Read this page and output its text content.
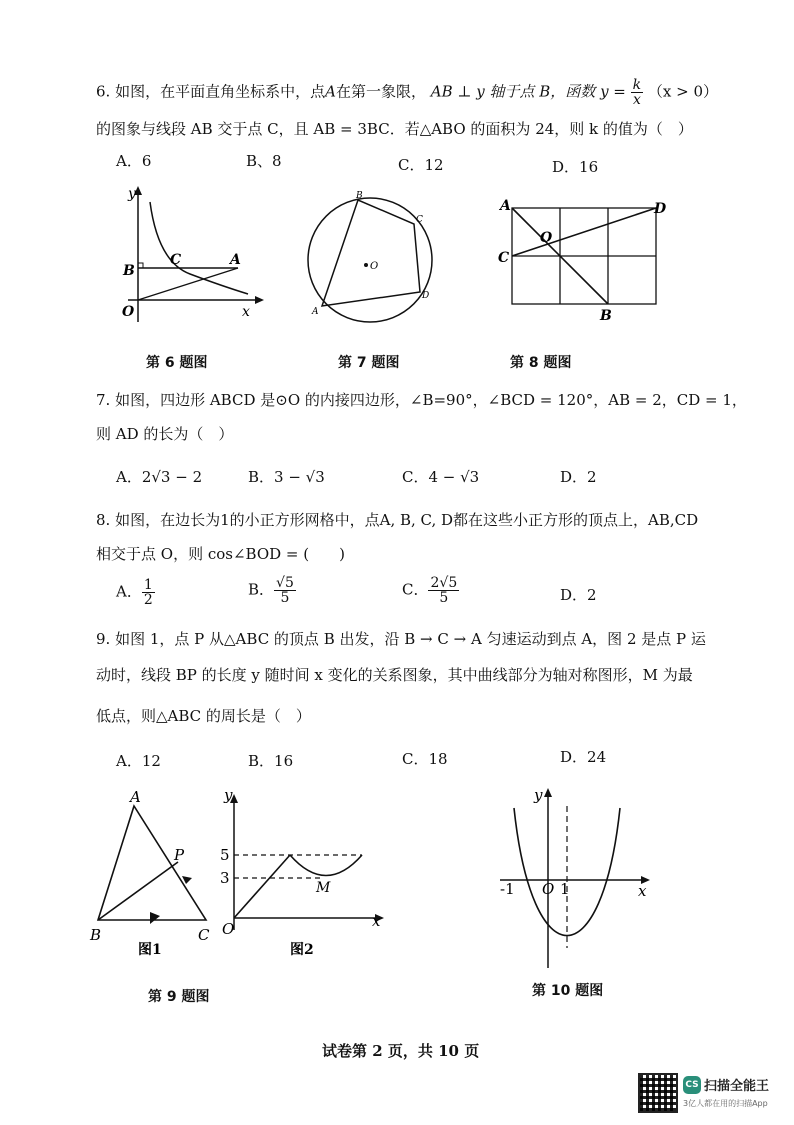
6. 如图，在平面直角坐标系中，点A在第一象限， AB ⊥ y 轴于点 B，函数 $y = \frac{k}{x} (x > 0)$
的图象与线段 AB 交于点 C，且 AB = 3BC．若△ABO 的面积为 24，则 k 的值为（　）
A．6	B、8	C．12	D．16
y
x
O
B
C	A
第 6 题图
A
B
C
D
O
第 7 题图
A	D
C
B
O
第 8 题图
7. 如图，四边形 ABCD 是⊙O 的内接四边形，∠B=90°，∠BCD = 120°，AB = 2，CD = 1，
则 AD 的长为（　）
A．2√3 − 2	B．3 − √3	C．4 − √3	D．2
8. 如图，在边长为1的小正方形网格中，点A, B, C, D都在这些小正方形的顶点上，AB,CD
相交于点 O，则 cos∠BOD = (　　)
A． $\frac{1}{2}$	B． $\frac{√5}{5}$	C． $\frac{2√5}{5}$	D．2
9. 如图 1，点 P 从△ABC 的顶点 B 出发，沿 B → C → A 匀速运动到点 A，图 2 是点 P 运
动时，线段 BP 的长度 y 随时间 x 变化的关系图象，其中曲线部分为轴对称图形，M 为最
低点，则△ABC 的周长是（　）
A．12	B．16	C．18	D．24
A
B	C
P
图1
y
x
O
5
3
M
图2
第 9 题图
y
x
-1 O 1
第 10 题图
试卷第 2 页，共 10 页
CS 扫描全能王
3亿人都在用的扫描App
